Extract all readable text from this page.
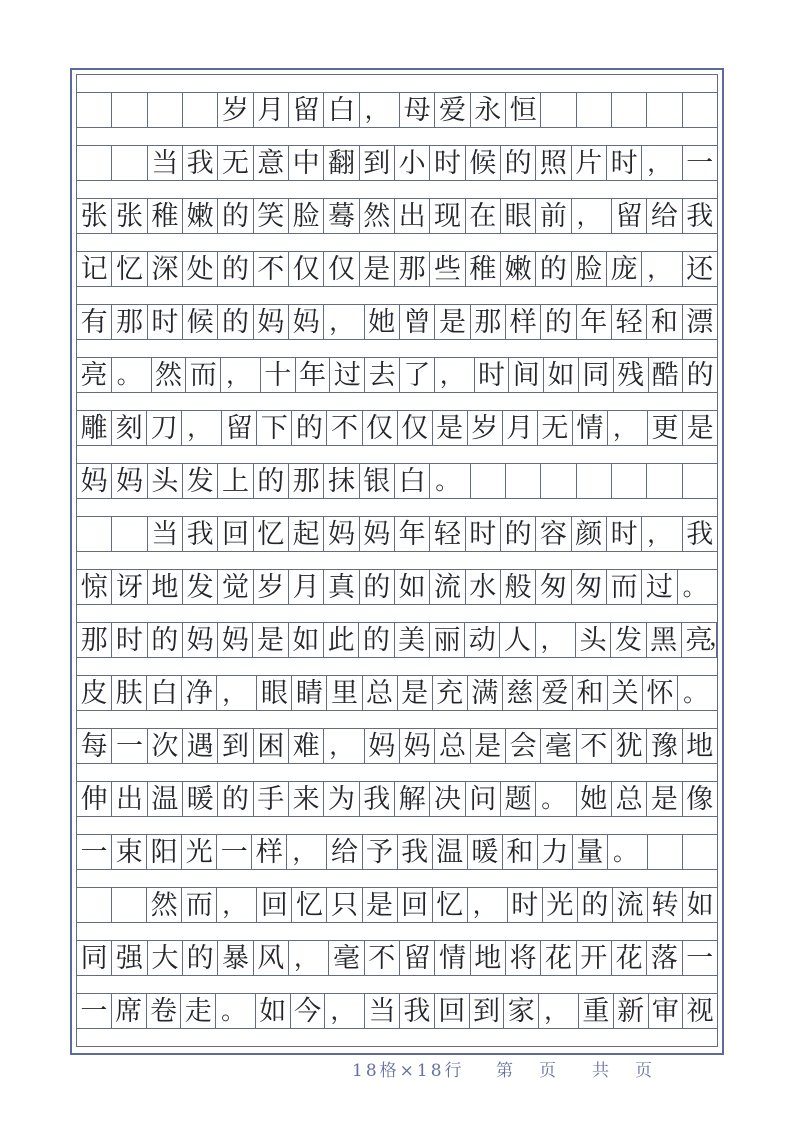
岁 月 留 白 ， 母 爱 永 恒
当 我 无 意 中 翻 到 小 时 候 的 照 片 时 ， 一
张 张 稚 嫩 的 笑 脸 蓦 然 出 现 在 眼 前 ， 留 给 我
记 忆 深 处 的 不 仅 仅 是 那 些 稚 嫩 的 脸 庞 ， 还
有 那 时 候 的 妈 妈 ， 她 曾 是 那 样 的 年 轻 和 漂
亮 。 然 而 ， 十 年 过 去 了 ， 时 间 如 同 残 酷 的
雕 刻 刀 ， 留 下 的 不 仅 仅 是 岁 月 无 情 ， 更 是
妈 妈 头 发 上 的 那 抹 银 白 。
当 我 回 忆 起 妈 妈 年 轻 时 的 容 颜 时 ， 我
惊 讶 地 发 觉 岁 月 真 的 如 流 水 般 匆 匆 而 过 。
那 时 的 妈 妈 是 如 此 的 美 丽 动 人 ， 头 发 黑 亮
，
皮 肤 白 净 ， 眼 睛 里 总 是 充 满 慈 爱 和 关 怀 。
每 一 次 遇 到 困 难 ， 妈 妈 总 是 会 毫 不 犹 豫 地
伸 出 温 暖 的 手 来 为 我 解 决 问 题 。 她 总 是 像
一 束 阳 光 一 样 ， 给 予 我 温 暖 和 力 量 。
然 而 ， 回 忆 只 是 回 忆 ， 时 光 的 流 转 如
同 强 大 的 暴 风 ， 毫 不 留 情 地 将 花 开 花 落 一
一 席 卷 走 。 如 今 ， 当 我 回 到 家 ， 重 新 审 视
18格×18行 第 页 共 页
